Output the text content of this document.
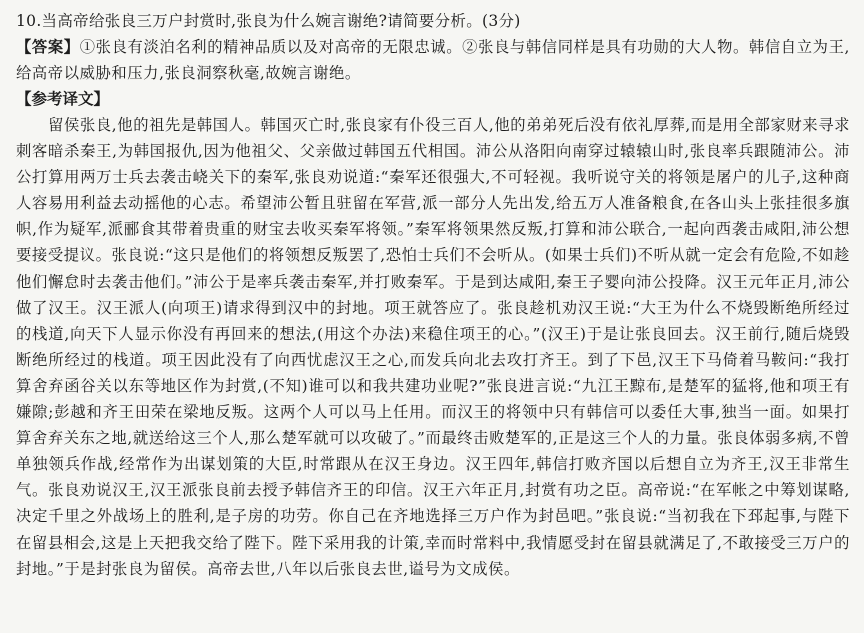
10.当高帝给张良三万户封赏时,张良为什么婉言谢绝?请简要分析。(3分)

【答案】①张良有淡泊名利的精神品质以及对高帝的无限忠诚。②张良与韩信同样是具有功勋的大人物。韩信自立为王,给高帝以威胁和压力,张良洞察秋毫,故婉言谢绝。

【参考译文】

留侯张良,他的祖先是韩国人。韩国灭亡时,张良家有仆役三百人,他的弟弟死后没有依礼厚葬,而是用全部家财来寻求刺客暗杀秦王,为韩国报仇,因为他祖父、父亲做过韩国五代相国。沛公从洛阳向南穿过辕辕山时,张良率兵跟随沛公。沛公打算用两万士兵去袭击峣关下的秦军,张良劝说道:“秦军还很强大,不可轻视。我听说守关的将领是屠户的儿子,这种商人容易用利益去动摇他的心志。希望沛公暂且驻留在军营,派一部分人先出发,给五万人准备粮食,在各山头上张挂很多旗帜,作为疑军,派郦食其带着贵重的财宝去收买秦军将领。”秦军将领果然反叛,打算和沛公联合,一起向西袭击咸阳,沛公想要接受提议。张良说:“这只是他们的将领想反叛罢了,恐怕士兵们不会听从。(如果士兵们)不听从就一定会有危险,不如趁他们懈怠时去袭击他们。”沛公于是率兵袭击秦军,并打败秦军。于是到达咸阳,秦王子婴向沛公投降。汉王元年正月,沛公做了汉王。汉王派人(向项王)请求得到汉中的封地。项王就答应了。张良趁机劝汉王说:“大王为什么不烧毁断绝所经过的栈道,向天下人显示你没有再回来的想法,(用这个办法)来稳住项王的心。”(汉王)于是让张良回去。汉王前行,随后烧毁断绝所经过的栈道。项王因此没有了向西忧虑汉王之心,而发兵向北去攻打齐王。到了下邑,汉王下马倚着马鞍问:“我打算舍弃函谷关以东等地区作为封赏,(不知)谁可以和我共建功业呢?”张良进言说:“九江王黥布,是楚军的猛将,他和项王有嫌隙;彭越和齐王田荣在梁地反叛。这两个人可以马上任用。而汉王的将领中只有韩信可以委任大事,独当一面。如果打算舍弃关东之地,就送给这三个人,那么楚军就可以攻破了。”而最终击败楚军的,正是这三个人的力量。张良体弱多病,不曾单独领兵作战,经常作为出谋划策的大臣,时常跟从在汉王身边。汉王四年,韩信打败齐国以后想自立为齐王,汉王非常生气。张良劝说汉王,汉王派张良前去授予韩信齐王的印信。汉王六年正月,封赏有功之臣。高帝说:“在军帐之中筹划谋略,决定千里之外战场上的胜利,是子房的功劳。你自己在齐地选择三万户作为封邑吧。”张良说:“当初我在下邳起事,与陛下在留县相会,这是上天把我交给了陛下。陛下采用我的计策,幸而时常料中,我情愿受封在留县就满足了,不敢接受三万户的封地。”于是封张良为留侯。高帝去世,八年以后张良去世,谥号为文成侯。
